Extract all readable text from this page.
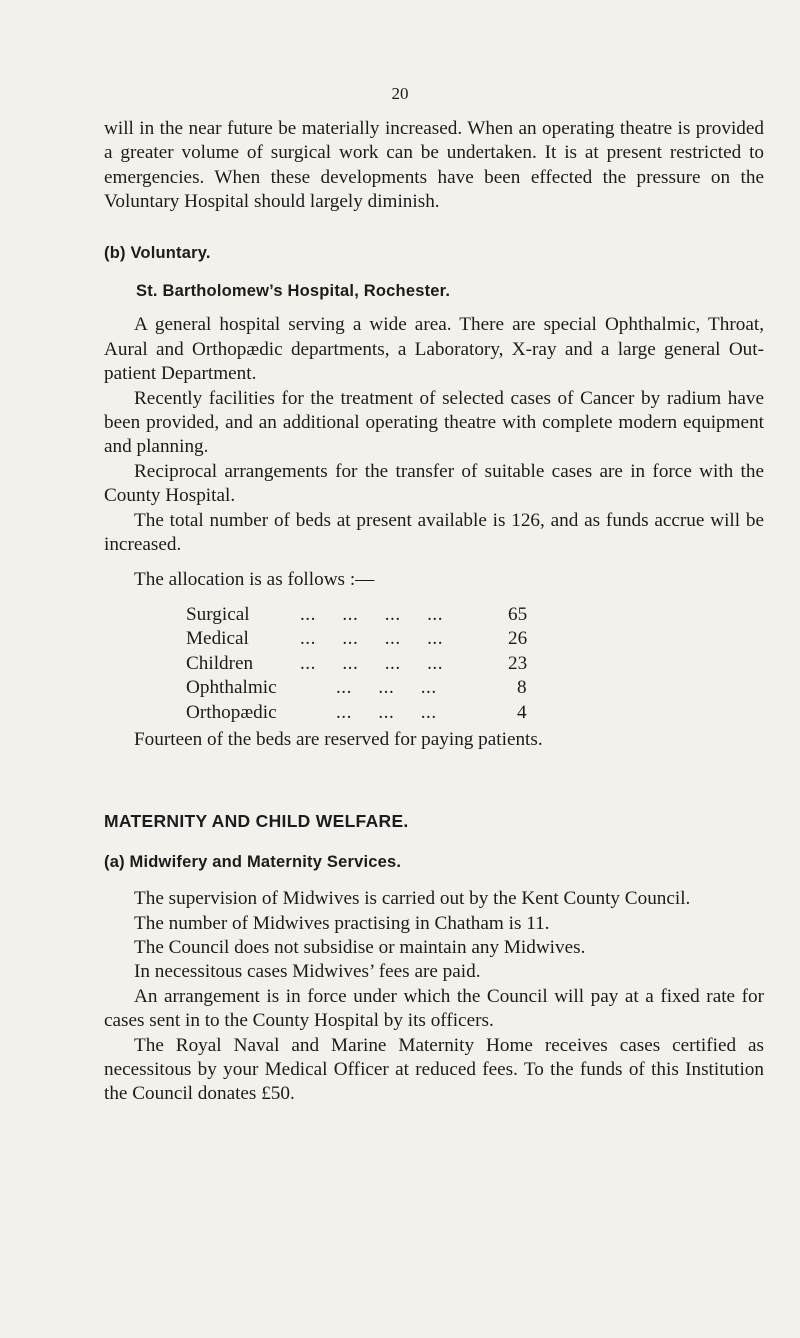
20

will in the near future be materially increased. When an operating theatre is provided a greater volume of surgical work can be undertaken. It is at present restricted to emergencies. When these developments have been effected the pressure on the Voluntary Hospital should largely diminish.

(b) Voluntary.
St. Bartholomew’s Hospital, Rochester.

A general hospital serving a wide area. There are special Ophthalmic, Throat, Aural and Orthopædic departments, a Laboratory, X-ray and a large general Out-patient Department.

Recently facilities for the treatment of selected cases of Cancer by radium have been provided, and an additional operating theatre with complete modern equipment and planning.

Reciprocal arrangements for the transfer of suitable cases are in force with the County Hospital.

The total number of beds at present available is 126, and as funds accrue will be increased.

The allocation is as follows :—

Surgical	...     ...     ...     ...	65
Medical	...     ...     ...     ...	26
Children	...     ...     ...     ...	23
Ophthalmic	...     ...     ...	8
Orthopædic	...     ...     ...	4

Fourteen of the beds are reserved for paying patients.

MATERNITY AND CHILD WELFARE.
(a) Midwifery and Maternity Services.

The supervision of Midwives is carried out by the Kent County Council.

The number of Midwives practising in Chatham is 11.

The Council does not subsidise or maintain any Midwives.

In necessitous cases Midwives’ fees are paid.

An arrangement is in force under which the Council will pay at a fixed rate for cases sent in to the County Hospital by its officers.

The Royal Naval and Marine Maternity Home receives cases certified as necessitous by your Medical Officer at reduced fees. To the funds of this Institution the Council donates £50.
